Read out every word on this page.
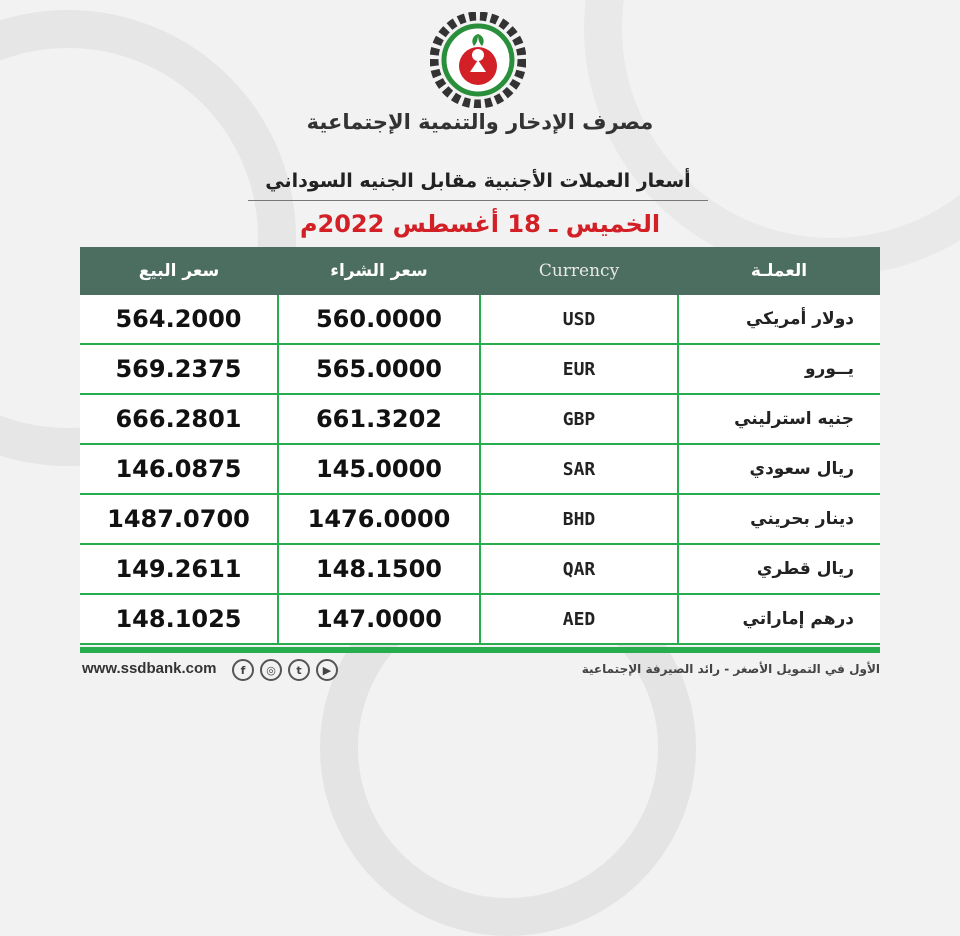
مصرف الإدخار والتنمية الإجتماعية
أسعار العملات الأجنبية مقابل الجنيه السوداني
الخميس ـ 18 أغسطس 2022م
سعر البيع	سعر الشراء	Currency	العملـة
564.2000	560.0000	USD	دولار أمريكي
569.2375	565.0000	EUR	يــورو
666.2801	661.3202	GBP	جنيه استرليني
146.0875	145.0000	SAR	ريال سعودي
1487.0700	1476.0000	BHD	دينار بحريني
149.2611	148.1500	QAR	ريال قطري
148.1025	147.0000	AED	درهم إماراتي
www.ssdbank.com	f	◎	t	▶	الأول في التمويل الأصغر - رائد الصيرفة الإجتماعية
